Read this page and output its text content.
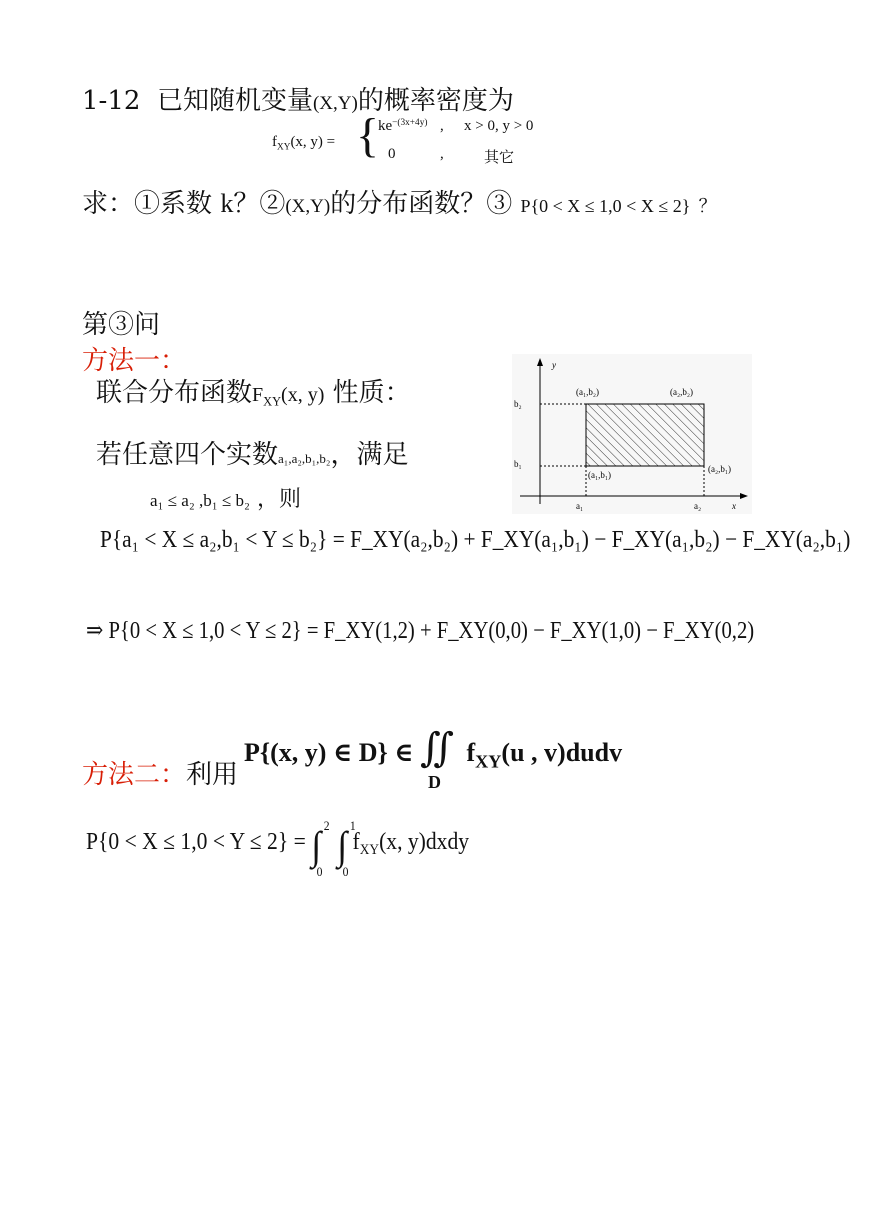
1-12 已知随机变量(X,Y)的概率密度为
$f_{XY}(x$, y) = {
$ke^{-(3x+4y)}$ , x > 0, y > 0
0	,	其它
求：①系数 k？②(X,Y)的分布函数？③ P{0 < X ≤ 1,0 < X ≤ 2} ？
第③问
方法一：
联合分布函数$F_{XY}(x$, y) 性质：
若任意四个实数a₁,a₂,b₁,b₂，满足
a₁ ≤ a₂ ,b₁ ≤ b₂ ，则
y
x
b₂
b₁
a₁	a₂
(a₁,b₂)	(a₂,b₂)
(a₁,b₁)
(a₂,b₁)
P{a₁ < X ≤ a₂,b₁ < Y ≤ b₂} = F_XY(a₂,b₂) + F_XY(a₁,b₁) − F_XY(a₁,b₂) − F_XY(a₂,b₁)
⇒ P{0 < X ≤ 1,0 < Y ≤ 2} = F_XY(1,2) + F_XY(0,0) − F_XY(1,0) − F_XY(0,2)
方法二：利用
P{(x, y) ∈ D} ∈ ∬
D
$f_{XY}(u$ , v)dudv
P{0 < X ≤ 1,0 < Y ≤ 2} = ∫ 2
0
∫ 1
0
$f_{XY}(x$, y)dxdy
